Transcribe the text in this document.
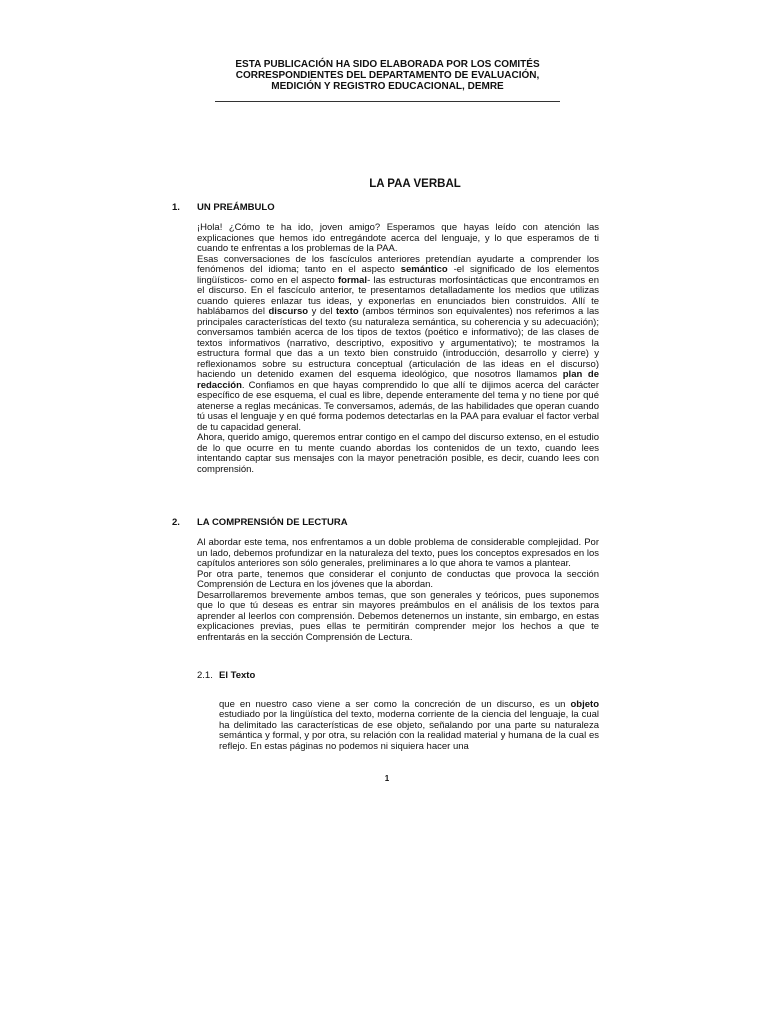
ESTA PUBLICACIÓN HA SIDO ELABORADA POR LOS COMITÉS
CORRESPONDIENTES DEL DEPARTAMENTO DE EVALUACIÓN,
MEDICIÓN Y REGISTRO EDUCACIONAL, DEMRE
LA PAA VERBAL
1. UN PREÁMBULO

¡Hola! ¿Cómo te ha ido, joven amigo? Esperamos que hayas leído con atención las explicaciones que hemos ido entregándote acerca del lenguaje, y lo que esperamos de ti cuando te enfrentas a los problemas de la PAA.

Esas conversaciones de los fascículos anteriores pretendían ayudarte a comprender los fenómenos del idioma; tanto en el aspecto semántico -el significado de los elementos lingüísticos- como en el aspecto formal- las estructuras morfosintácticas que encontramos en el discurso. En el fascículo anterior, te presentamos detalladamente los medios que utilizas cuando quieres enlazar tus ideas, y exponerlas en enunciados bien construidos. Allí te hablábamos del discurso y del texto (ambos términos son equivalentes) nos referimos a las principales características del texto (su naturaleza semántica, su coherencia y su adecuación); conversamos también acerca de los tipos de textos (poético e informativo); de las clases de textos informativos (narrativo, descriptivo, expositivo y argumentativo); te mostramos la estructura formal que das a un texto bien construido (introducción, desarrollo y cierre) y reflexionamos sobre su estructura conceptual (articulación de las ideas en el discurso) haciendo un detenido examen del esquema ideológico, que nosotros llamamos plan de redacción. Confiamos en que hayas comprendido lo que allí te dijimos acerca del carácter específico de ese esquema, el cual es libre, depende enteramente del tema y no tiene por qué atenerse a reglas mecánicas. Te conversamos, además, de las habilidades que operan cuando tú usas el lenguaje y en qué forma podemos detectarlas en la PAA para evaluar el factor verbal de tu capacidad general.

Ahora, querido amigo, queremos entrar contigo en el campo del discurso extenso, en el estudio de lo que ocurre en tu mente cuando abordas los contenidos de un texto, cuando lees intentando captar sus mensajes con la mayor penetración posible, es decir, cuando lees con comprensión.

2. LA COMPRENSIÓN DE LECTURA

Al abordar este tema, nos enfrentamos a un doble problema de considerable complejidad. Por un lado, debemos profundizar en la naturaleza del texto, pues los conceptos expresados en los capítulos anteriores son sólo generales, preliminares a lo que ahora te vamos a plantear.

Por otra parte, tenemos que considerar el conjunto de conductas que provoca la sección Comprensión de Lectura en los jóvenes que la abordan.

Desarrollaremos brevemente ambos temas, que son generales y teóricos, pues suponemos que lo que tú deseas es entrar sin mayores preámbulos en el análisis de los textos para aprender al leerlos con comprensión. Debemos detenernos un instante, sin embargo, en estas explicaciones previas, pues ellas te permitirán comprender mejor los hechos a que te enfrentarás en la sección Comprensión de Lectura.

2.1. El Texto

que en nuestro caso viene a ser como la concreción de un discurso, es un objeto estudiado por la lingüística del texto, moderna corriente de la ciencia del lenguaje, la cual ha delimitado las características de ese objeto, señalando por una parte su naturaleza semántica y formal, y por otra, su relación con la realidad material y humana de la cual es reflejo. En estas páginas no podemos ni siquiera hacer una

1
